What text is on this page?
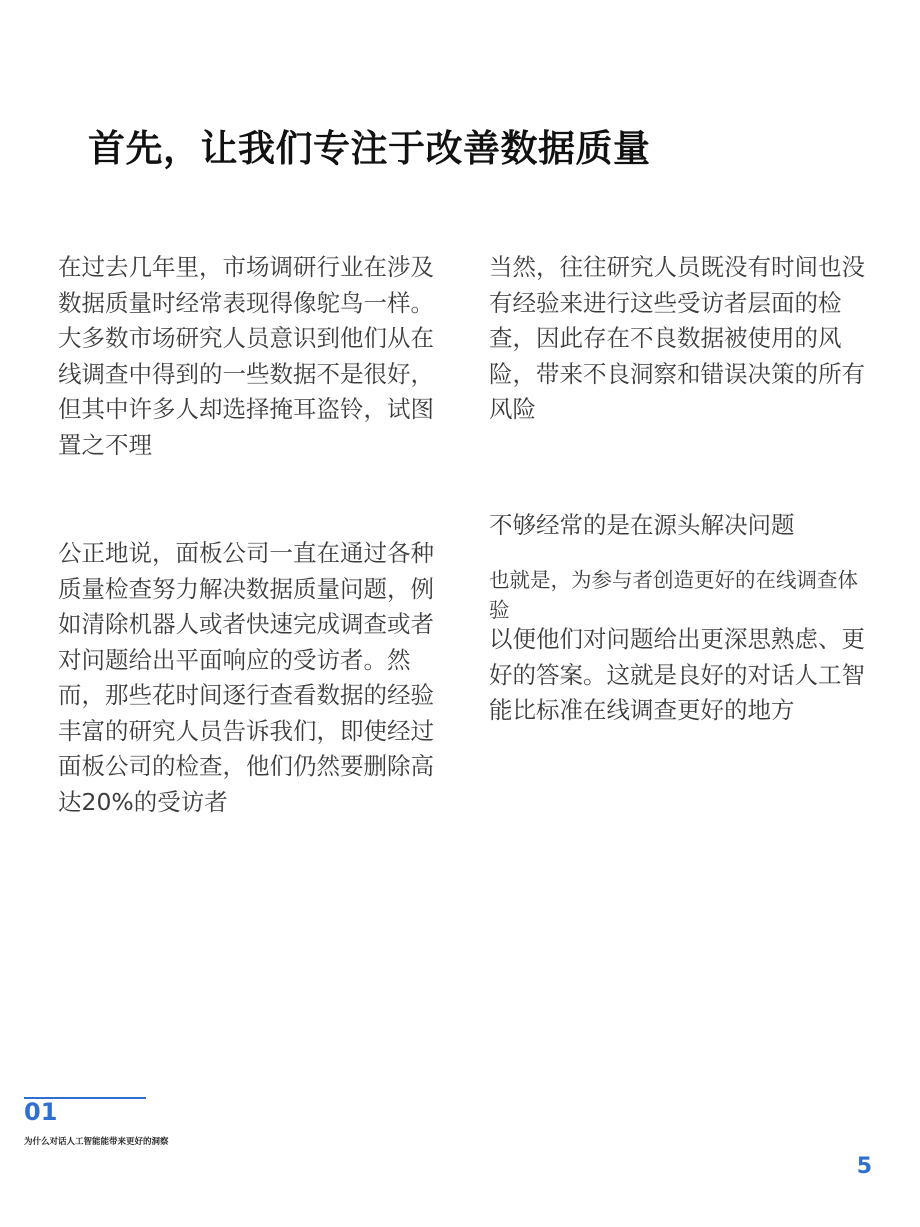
首先，让我们专注于改善数据质量
在过去几年里，市场调研行业在涉及数据质量时经常表现得像鸵鸟一样。大多数市场研究人员意识到他们从在线调查中得到的一些数据不是很好，但其中许多人却选择掩耳盗铃，试图置之不理
公正地说，面板公司一直在通过各种质量检查努力解决数据质量问题，例如清除机器人或者快速完成调查或者对问题给出平面响应的受访者。然而，那些花时间逐行查看数据的经验丰富的研究人员告诉我们，即使经过面板公司的检查，他们仍然要删除高达20%的受访者
当然，往往研究人员既没有时间也没有经验来进行这些受访者层面的检查，因此存在不良数据被使用的风险，带来不良洞察和错误决策的所有风险
不够经常的是在源头解决问题
也就是，为参与者创造更好的在线调查体验
以便他们对问题给出更深思熟虑、更好的答案。这就是良好的对话人工智能比标准在线调查更好的地方
01
为什么对话人工智能能带来更好的洞察
5
